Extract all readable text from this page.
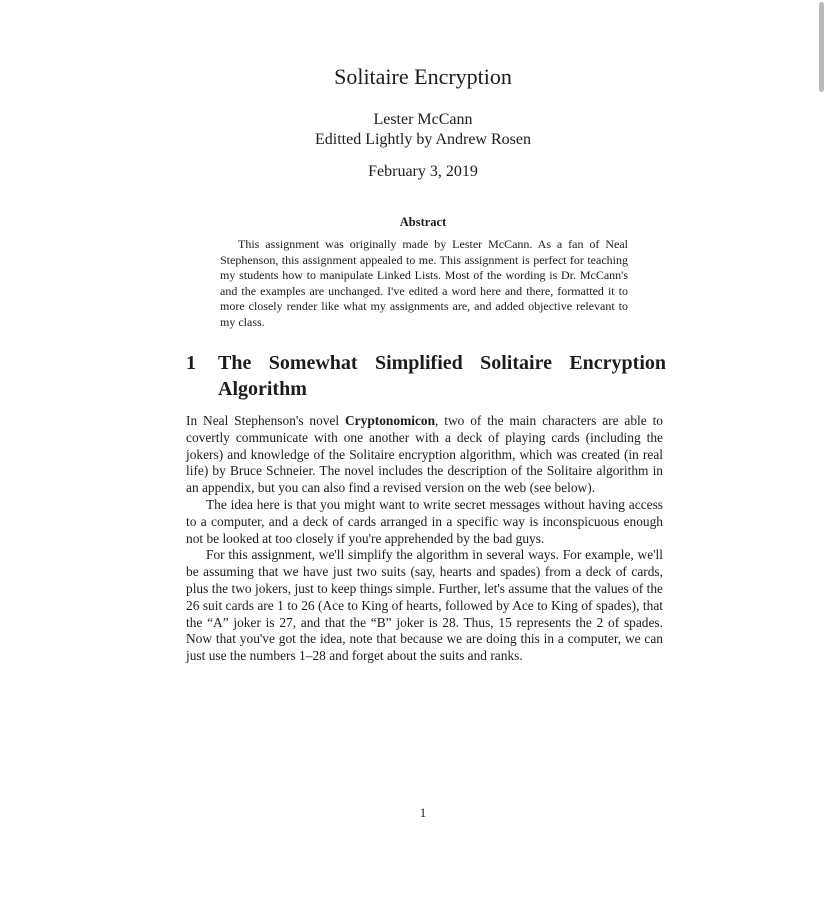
Solitaire Encryption
Lester McCann
Editted Lightly by Andrew Rosen
February 3, 2019
Abstract

This assignment was originally made by Lester McCann. As a fan of Neal Stephenson, this assignment appealed to me. This assignment is perfect for teaching my students how to manipulate Linked Lists. Most of the wording is Dr. McCann's and the examples are unchanged. I've edited a word here and there, formatted it to more closely render like what my assignments are, and added objective relevant to my class.

1 The Somewhat Simplified Solitaire Encryption Algorithm

In Neal Stephenson's novel Cryptonomicon, two of the main characters are able to covertly communicate with one another with a deck of playing cards (including the jokers) and knowledge of the Solitaire encryption algorithm, which was created (in real life) by Bruce Schneier. The novel includes the description of the Solitaire algorithm in an appendix, but you can also find a revised version on the web (see below).

The idea here is that you might want to write secret messages without having access to a computer, and a deck of cards arranged in a specific way is inconspicuous enough not be looked at too closely if you're apprehended by the bad guys.

For this assignment, we'll simplify the algorithm in several ways. For example, we'll be assuming that we have just two suits (say, hearts and spades) from a deck of cards, plus the two jokers, just to keep things simple. Further, let's assume that the values of the 26 suit cards are 1 to 26 (Ace to King of hearts, followed by Ace to King of spades), that the “A” joker is 27, and that the “B” joker is 28. Thus, 15 represents the 2 of spades. Now that you've got the idea, note that because we are doing this in a computer, we can just use the numbers 1–28 and forget about the suits and ranks.

1
